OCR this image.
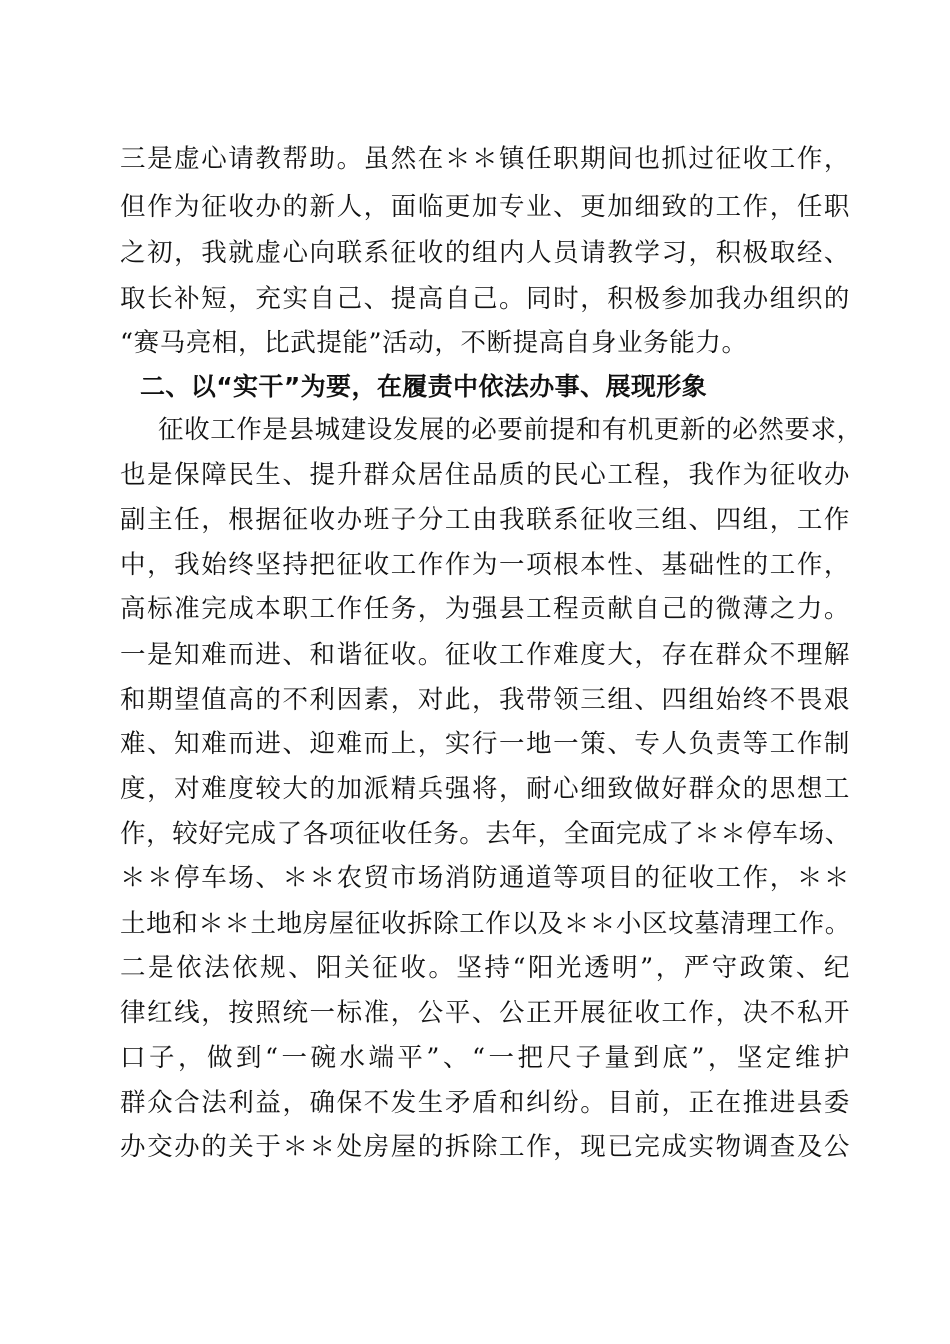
三是虚心请教帮助。虽然在＊＊镇任职期间也抓过征收工作，
但作为征收办的新人，面临更加专业、更加细致的工作，任职
之初，我就虚心向联系征收的组内人员请教学习，积极取经、
取长补短，充实自己、提高自己。同时，积极参加我办组织的
“赛马亮相，比武提能”活动，不断提高自身业务能力。
二、以“实干”为要，在履责中依法办事、展现形象
征收工作是县城建设发展的必要前提和有机更新的必然要求，
也是保障民生、提升群众居住品质的民心工程，我作为征收办
副主任，根据征收办班子分工由我联系征收三组、四组，工作
中，我始终坚持把征收工作作为一项根本性、基础性的工作，
高标准完成本职工作任务，为强县工程贡献自己的微薄之力。
一是知难而进、和谐征收。征收工作难度大，存在群众不理解
和期望值高的不利因素，对此，我带领三组、四组始终不畏艰
难、知难而进、迎难而上，实行一地一策、专人负责等工作制
度，对难度较大的加派精兵强将，耐心细致做好群众的思想工
作，较好完成了各项征收任务。去年，全面完成了＊＊停车场、
＊＊停车场、＊＊农贸市场消防通道等项目的征收工作，＊＊
土地和＊＊土地房屋征收拆除工作以及＊＊小区坟墓清理工作。
二是依法依规、阳关征收。坚持“阳光透明”，严守政策、纪
律红线，按照统一标准，公平、公正开展征收工作，决不私开
口子，做到“一碗水端平”、“一把尺子量到底”，坚定维护
群众合法利益，确保不发生矛盾和纠纷。目前，正在推进县委
办交办的关于＊＊处房屋的拆除工作，现已完成实物调查及公
